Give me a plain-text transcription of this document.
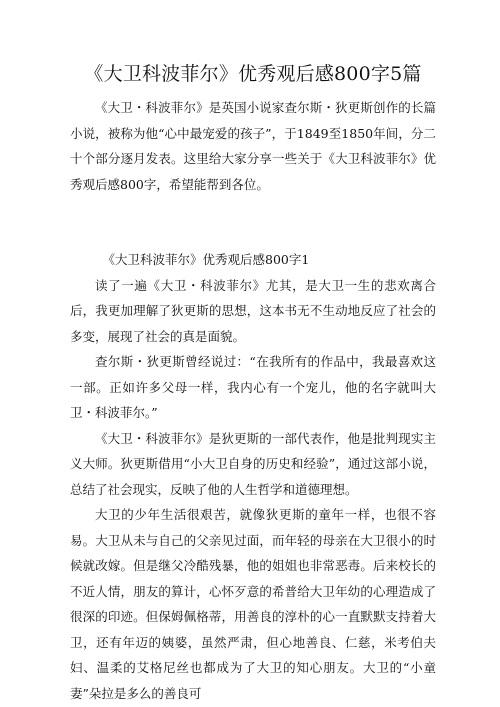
《大卫科波菲尔》优秀观后感800字5篇

《大卫・科波菲尔》是英国小说家查尔斯・狄更斯创作的长篇小说，被称为他“心中最宠爱的孩子”，于1849至1850年间，分二十个部分逐月发表。这里给大家分享一些关于《大卫科波菲尔》优秀观后感800字，希望能帮到各位。

《大卫科波菲尔》优秀观后感800字1

读了一遍《大卫・科波菲尔》尤其，是大卫一生的悲欢离合后，我更加理解了狄更斯的思想，这本书无不生动地反应了社会的多变，展现了社会的真是面貌。

查尔斯・狄更斯曾经说过：“在我所有的作品中，我最喜欢这一部。正如许多父母一样，我内心有一个宠儿，他的名字就叫大卫・科波菲尔。”

《大卫・科波菲尔》是狄更斯的一部代表作，他是批判现实主义大师。狄更斯借用“小大卫自身的历史和经验”，通过这部小说，总结了社会现实，反映了他的人生哲学和道德理想。

大卫的少年生活很艰苦，就像狄更斯的童年一样，也很不容易。大卫从未与自己的父亲见过面，而年轻的母亲在大卫很小的时候就改嫁。但是继父冷酷残暴，他的姐姐也非常恶毒。后来校长的不近人情，朋友的算计，心怀歹意的希普给大卫年幼的心理造成了很深的印迹。但保姆佩格蒂，用善良的淳朴的心一直默默支持着大卫，还有年迈的姨婆，虽然严肃，但心地善良、仁慈，米考伯夫妇、温柔的艾格尼丝也都成为了大卫的知心朋友。大卫的“小童妻”朵拉是多么的善良可
